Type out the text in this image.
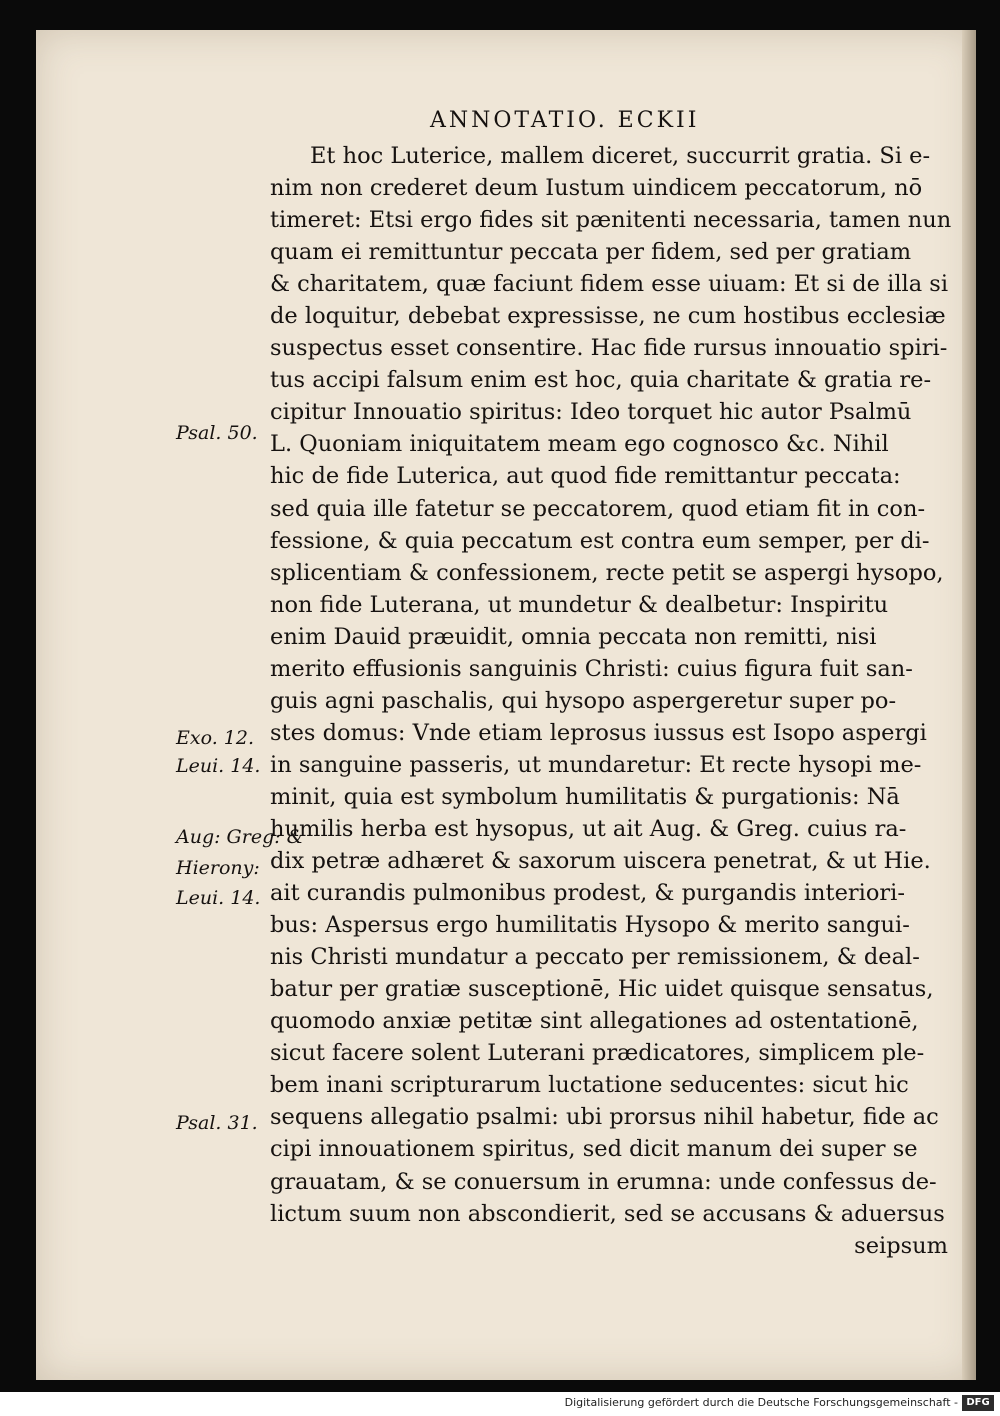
ANNOTATIO. ECKII
Et hoc Luterice, mallem diceret, succurrit gratia. Si e-
nim non crederet deum Iustum uindicem peccatorum, nō
timeret: Etsi ergo fides sit pænitenti necessaria, tamen nun
quam ei remittuntur peccata per fidem, sed per gratiam
& charitatem, quæ faciunt fidem esse uiuam: Et si de illa si
de loquitur, debebat expressisse, ne cum hostibus ecclesiæ
suspectus esset consentire. Hac fide rursus innouatio spiri-
tus accipi falsum enim est hoc, quia charitate & gratia re-
cipitur Innouatio spiritus: Ideo torquet hic autor Psalmū
L. Quoniam iniquitatem meam ego cognosco &c. Nihil
hic de fide Luterica, aut quod fide remittantur peccata:
sed quia ille fatetur se peccatorem, quod etiam fit in con-
fessione, & quia peccatum est contra eum semper, per di-
splicentiam & confessionem, recte petit se aspergi hysopo,
non fide Luterana, ut mundetur & dealbetur: Inspiritu
enim Dauid præuidit, omnia peccata non remitti, nisi
merito effusionis sanguinis Christi: cuius figura fuit san-
guis agni paschalis, qui hysopo aspergeretur super po-
stes domus: Vnde etiam leprosus iussus est Isopo aspergi
in sanguine passeris, ut mundaretur: Et recte hysopi me-
minit, quia est symbolum humilitatis & purgationis: Nā
humilis herba est hysopus, ut ait Aug. & Greg. cuius ra-
dix petræ adhæret & saxorum uiscera penetrat, & ut Hie.
ait curandis pulmonibus prodest, & purgandis interiori-
bus: Aspersus ergo humilitatis Hysopo & merito sangui-
nis Christi mundatur a peccato per remissionem, & deal-
batur per gratiæ susceptionē, Hic uidet quisque sensatus,
quomodo anxiæ petitæ sint allegationes ad ostentationē,
sicut facere solent Luterani prædicatores, simplicem ple-
bem inani scripturarum luctatione seducentes: sicut hic
sequens allegatio psalmi: ubi prorsus nihil habetur, fide ac
cipi innouationem spiritus, sed dicit manum dei super se
grauatam, & se conuersum in erumna: unde confessus de-
lictum suum non abscondierit, sed se accusans & aduersus
seipsum
Psal. 50.
Exo. 12.
Leui. 14.
Aug: Greg: &
Hierony:
Leui. 14.
Psal. 31.
Digitalisierung gefördert durch die Deutsche Forschungsgemeinschaft - DFG
